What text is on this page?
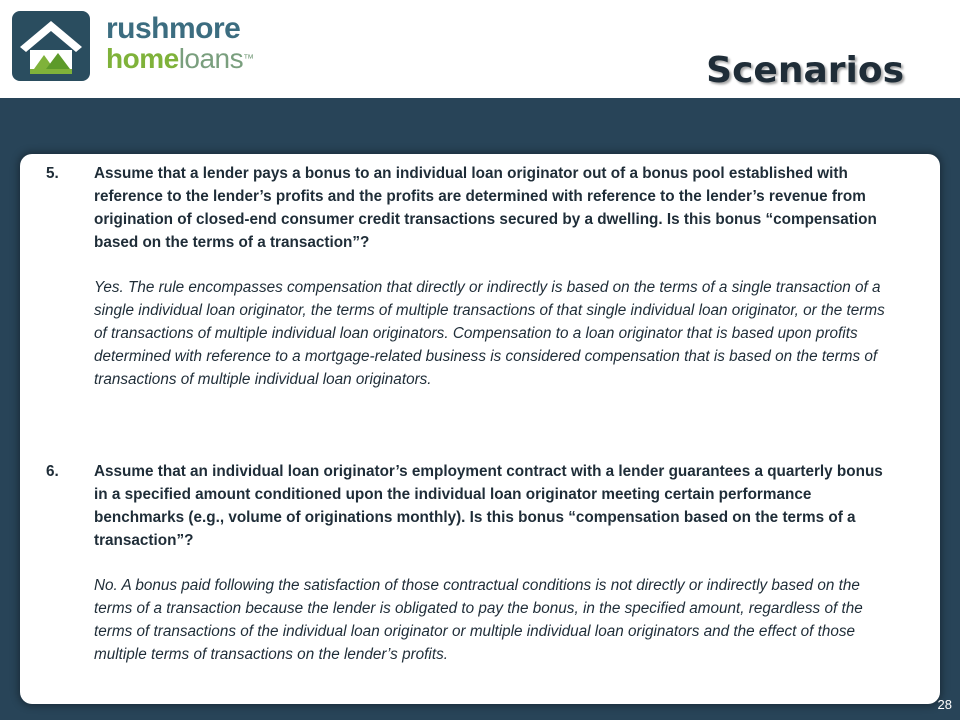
rushmore
homeloans™	Scenarios
5. Assume that a lender pays a bonus to an individual loan originator out of a bonus pool established with reference to the lender’s profits and the profits are determined with reference to the lender’s revenue from origination of closed-end consumer credit transactions secured by a dwelling. Is this bonus “compensation based on the terms of a transaction”?
Yes. The rule encompasses compensation that directly or indirectly is based on the terms of a single transaction of a single individual loan originator, the terms of multiple transactions of that single individual loan originator, or the terms of transactions of multiple individual loan originators. Compensation to a loan originator that is based upon profits determined with reference to a mortgage-related business is considered compensation that is based on the terms of transactions of multiple individual loan originators.
6. Assume that an individual loan originator’s employment contract with a lender guarantees a quarterly bonus in a specified amount conditioned upon the individual loan originator meeting certain performance benchmarks (e.g., volume of originations monthly). Is this bonus “compensation based on the terms of a transaction”?
No. A bonus paid following the satisfaction of those contractual conditions is not directly or indirectly based on the terms of a transaction because the lender is obligated to pay the bonus, in the specified amount, regardless of the terms of transactions of the individual loan originator or multiple individual loan originators and the effect of those multiple terms of transactions on the lender’s profits.
28
